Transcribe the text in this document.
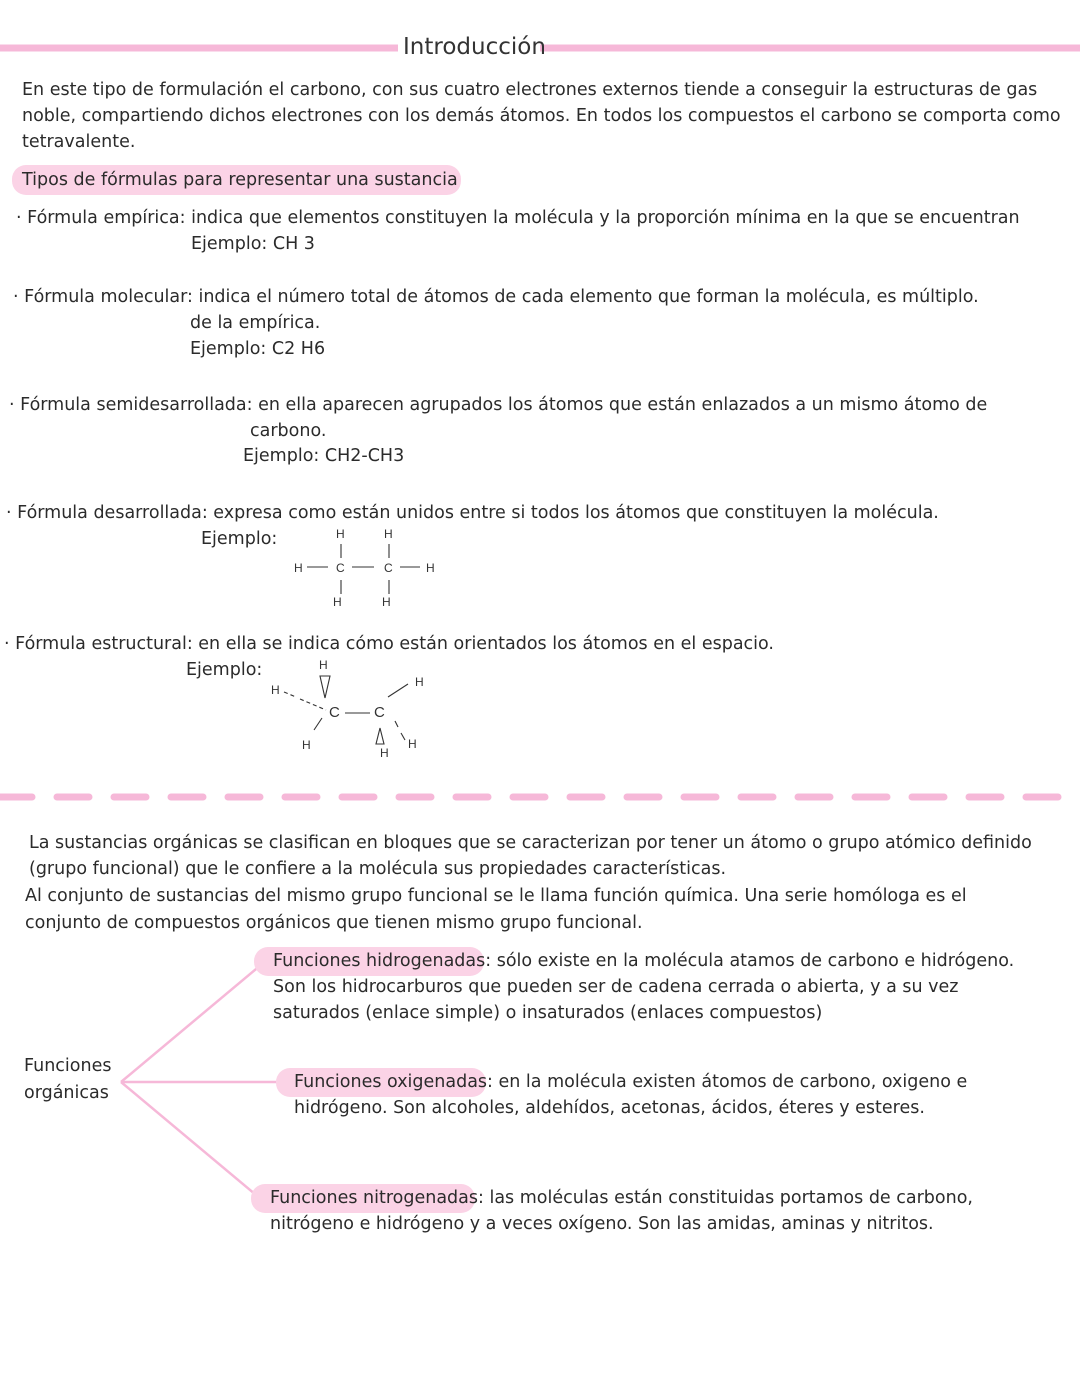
Introducción
En este tipo de formulación el carbono, con sus cuatro electrones externos tiende a conseguir la estructuras de gas
noble, compartiendo dichos electrones con los demás átomos. En todos los compuestos el carbono se comporta como
tetravalente.
Tipos de fórmulas para representar una sustancia
· Fórmula empírica: indica que elementos constituyen la molécula y la proporción mínima en la que se encuentran
Ejemplo: CH 3
· Fórmula molecular: indica el número total de átomos de cada elemento que forman la molécula, es múltiplo.
de la empírica.
Ejemplo: C2 H6
· Fórmula semidesarrollada: en ella aparecen agrupados los átomos que están enlazados a un mismo átomo de
carbono.
Ejemplo: CH2-CH3
· Fórmula desarrollada: expresa como están unidos entre si todos los átomos que constituyen la molécula.
Ejemplo:	H	H
H	C	C	H
H	H
· Fórmula estructural: en ella se indica cómo están orientados los átomos en el espacio.
Ejemplo:	H
H
C C
H
H
H
H
La sustancias orgánicas se clasifican en bloques que se caracterizan por tener un átomo o grupo atómico definido
(grupo funcional) que le confiere a la molécula sus propiedades características.
Al conjunto de sustancias del mismo grupo funcional se le llama función química. Una serie homóloga es el
conjunto de compuestos orgánicos que tienen mismo grupo funcional.
Funciones
orgánicas
Funciones hidrogenadas: sólo existe en la molécula atamos de carbono e hidrógeno.
Son los hidrocarburos que pueden ser de cadena cerrada o abierta, y a su vez
saturados (enlace simple) o insaturados (enlaces compuestos)
Funciones oxigenadas: en la molécula existen átomos de carbono, oxigeno e
hidrógeno. Son alcoholes, aldehídos, acetonas, ácidos, éteres y esteres.
Funciones nitrogenadas: las moléculas están constituidas portamos de carbono,
nitrógeno e hidrógeno y a veces oxígeno. Son las amidas, aminas y nitritos.
